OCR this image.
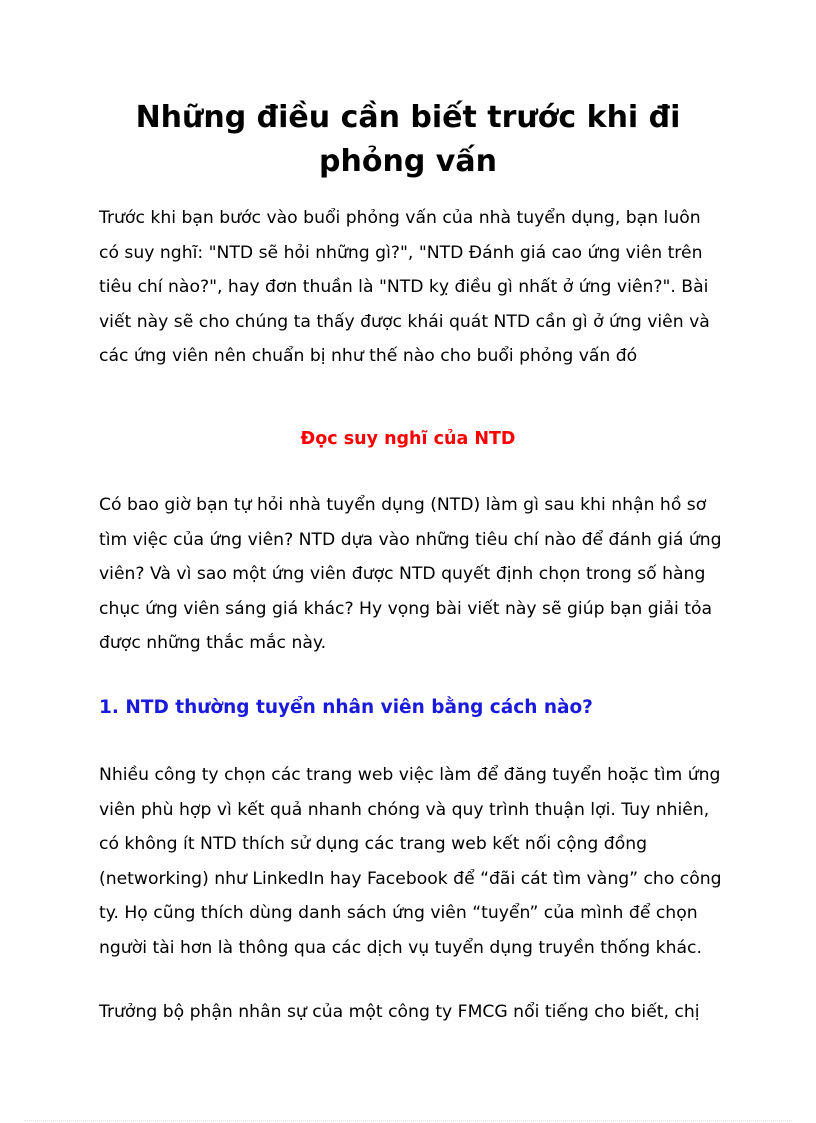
Những điều cần biết trước khi đi
phỏng vấn

Trước khi bạn bước vào buổi phỏng vấn của nhà tuyển dụng, bạn luôn
có suy nghĩ: "NTD sẽ hỏi những gì?", "NTD Đánh giá cao ứng viên trên
tiêu chí nào?", hay đơn thuần là "NTD kỵ điều gì nhất ở ứng viên?". Bài
viết này sẽ cho chúng ta thấy được khái quát NTD cần gì ở ứng viên và
các ứng viên nên chuẩn bị như thế nào cho buổi phỏng vấn đó

Đọc suy nghĩ của NTD

Có bao giờ bạn tự hỏi nhà tuyển dụng (NTD) làm gì sau khi nhận hồ sơ
tìm việc của ứng viên? NTD dựa vào những tiêu chí nào để đánh giá ứng
viên? Và vì sao một ứng viên được NTD quyết định chọn trong số hàng
chục ứng viên sáng giá khác? Hy vọng bài viết này sẽ giúp bạn giải tỏa
được những thắc mắc này.

1. NTD thường tuyển nhân viên bằng cách nào?

Nhiều công ty chọn các trang web việc làm để đăng tuyển hoặc tìm ứng
viên phù hợp vì kết quả nhanh chóng và quy trình thuận lợi. Tuy nhiên,
có không ít NTD thích sử dụng các trang web kết nối cộng đồng
(networking) như LinkedIn hay Facebook để “đãi cát tìm vàng” cho công
ty. Họ cũng thích dùng danh sách ứng viên “tuyển” của mình để chọn
người tài hơn là thông qua các dịch vụ tuyển dụng truyền thống khác.

Trưởng bộ phận nhân sự của một công ty FMCG nổi tiếng cho biết, chị
